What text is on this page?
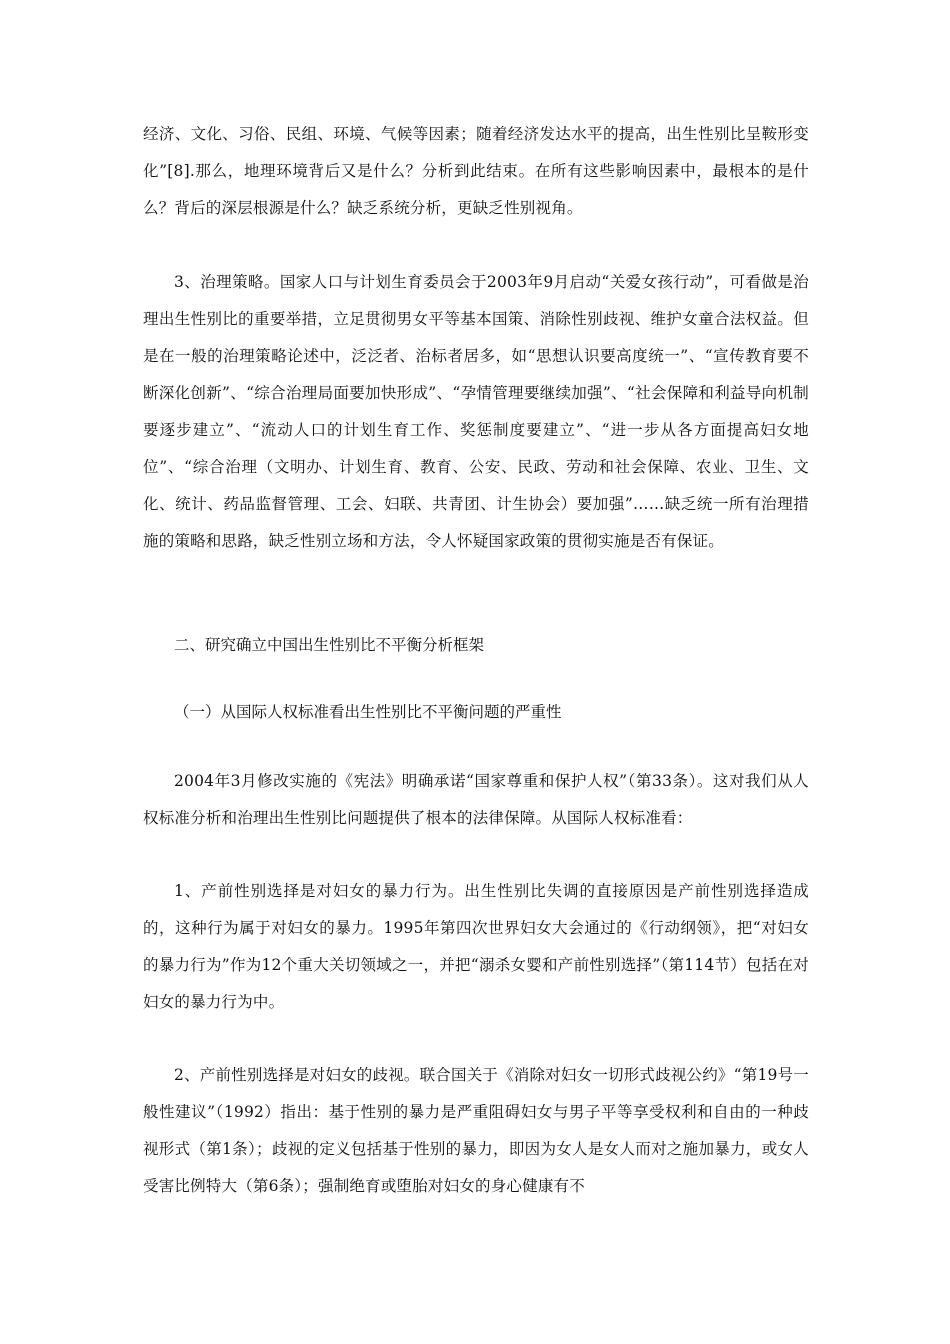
经济、文化、习俗、民组、环境、气候等因素；随着经济发达水平的提高，出生性别比呈鞍形变化”[8].那么，地理环境背后又是什么？分析到此结束。在所有这些影响因素中，最根本的是什么？背后的深层根源是什么？缺乏系统分析，更缺乏性别视角。

3、治理策略。国家人口与计划生育委员会于2003年9月启动“关爱女孩行动”，可看做是治理出生性别比的重要举措，立足贯彻男女平等基本国策、消除性别歧视、维护女童合法权益。但是在一般的治理策略论述中，泛泛者、治标者居多，如“思想认识要高度统一”、“宣传教育要不断深化创新”、“综合治理局面要加快形成”、“孕情管理要继续加强”、“社会保障和利益导向机制要逐步建立”、“流动人口的计划生育工作、奖惩制度要建立”、“进一步从各方面提高妇女地位”、“综合治理（文明办、计划生育、教育、公安、民政、劳动和社会保障、农业、卫生、文化、统计、药品监督管理、工会、妇联、共青团、计生协会）要加强”……缺乏统一所有治理措施的策略和思路，缺乏性别立场和方法，令人怀疑国家政策的贯彻实施是否有保证。

二、研究确立中国出生性别比不平衡分析框架

（一）从国际人权标准看出生性别比不平衡问题的严重性

2004年3月修改实施的《宪法》明确承诺“国家尊重和保护人权”（第33条）。这对我们从人权标准分析和治理出生性别比问题提供了根本的法律保障。从国际人权标准看：

1、产前性别选择是对妇女的暴力行为。出生性别比失调的直接原因是产前性别选择造成的，这种行为属于对妇女的暴力。1995年第四次世界妇女大会通过的《行动纲领》，把“对妇女的暴力行为”作为12个重大关切领域之一，并把“溺杀女婴和产前性别选择”（第114节）包括在对妇女的暴力行为中。

2、产前性别选择是对妇女的歧视。联合国关于《消除对妇女一切形式歧视公约》“第19号一般性建议”（1992）指出：基于性别的暴力是严重阻碍妇女与男子平等享受权利和自由的一种歧视形式（第1条）；歧视的定义包括基于性别的暴力，即因为女人是女人而对之施加暴力，或女人受害比例特大（第6条）；强制绝育或堕胎对妇女的身心健康有不
